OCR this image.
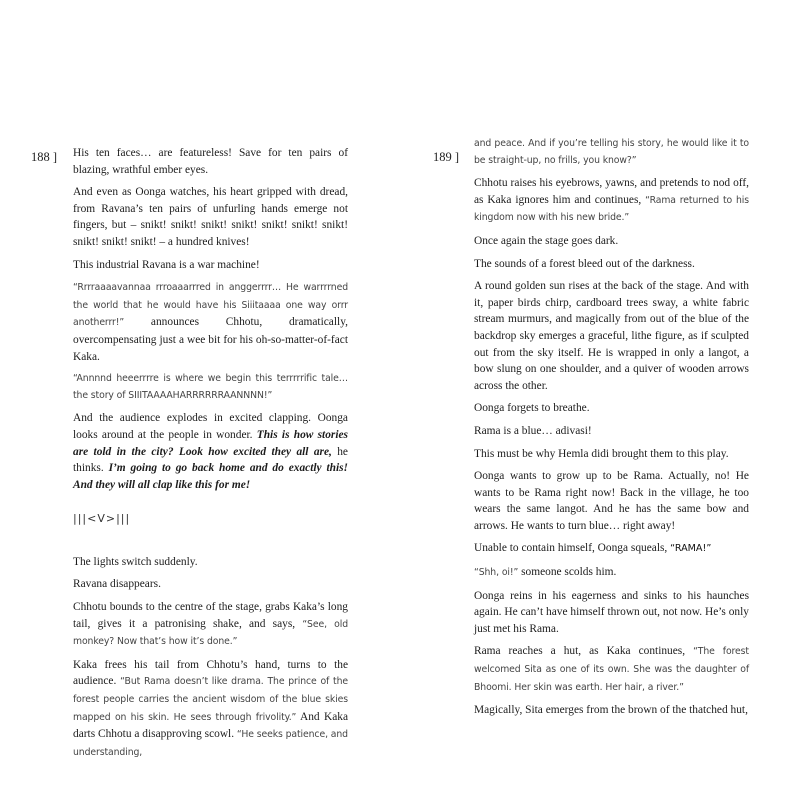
188 ]	189 ]

His ten faces… are featureless! Save for ten pairs of blazing, wrathful ember eyes.

And even as Oonga watches, his heart gripped with dread, from Ravana’s ten pairs of unfurling hands emerge not fingers, but – snikt! snikt! snikt! snikt! snikt! snikt! snikt! snikt! snikt! snikt! – a hundred knives!

This industrial Ravana is a war machine!

“Rrrraaaavannaa rrroaaarrred in anggerrrr… He warrrrned the world that he would have his Siiitaaaa one way orrr anotherrr!” announces Chhotu, dramatically, overcompensating just a wee bit for his oh-so-matter-of-fact Kaka.

“Annnnd heeerrrre is where we begin this terrrrrific tale… the story of SIIITAAAAHARRRRRRAANNNN!”

And the audience explodes in excited clapping. Oonga looks around at the people in wonder. This is how stories are told in the city? Look how excited they all are, he thinks. I’m going to go back home and do exactly this! And they will all clap like this for me!

|||<V>|||

The lights switch suddenly.

Ravana disappears.

Chhotu bounds to the centre of the stage, grabs Kaka’s long tail, gives it a patronising shake, and says, “See, old monkey? Now that’s how it’s done.”

Kaka frees his tail from Chhotu’s hand, turns to the audience. “But Rama doesn’t like drama. The prince of the forest people carries the ancient wisdom of the blue skies mapped on his skin. He sees through frivolity.” And Kaka darts Chhotu a disapproving scowl. “He seeks patience, and understanding,

and peace. And if you’re telling his story, he would like it to be straight-up, no frills, you know?”

Chhotu raises his eyebrows, yawns, and pretends to nod off, as Kaka ignores him and continues, “Rama returned to his kingdom now with his new bride.”

Once again the stage goes dark.

The sounds of a forest bleed out of the darkness.

A round golden sun rises at the back of the stage. And with it, paper birds chirp, cardboard trees sway, a white fabric stream murmurs, and magically from out of the blue of the backdrop sky emerges a graceful, lithe figure, as if sculpted out from the sky itself. He is wrapped in only a langot, a bow slung on one shoulder, and a quiver of wooden arrows across the other.

Oonga forgets to breathe.

Rama is a blue… adivasi!

This must be why Hemla didi brought them to this play.

Oonga wants to grow up to be Rama. Actually, no! He wants to be Rama right now! Back in the village, he too wears the same langot. And he has the same bow and arrows. He wants to turn blue… right away!

Unable to contain himself, Oonga squeals, “RAMA!”

“Shh, oi!” someone scolds him.

Oonga reins in his eagerness and sinks to his haunches again. He can’t have himself thrown out, not now. He’s only just met his Rama.

Rama reaches a hut, as Kaka continues, “The forest welcomed Sita as one of its own. She was the daughter of Bhoomi. Her skin was earth. Her hair, a river.”

Magically, Sita emerges from the brown of the thatched hut,
